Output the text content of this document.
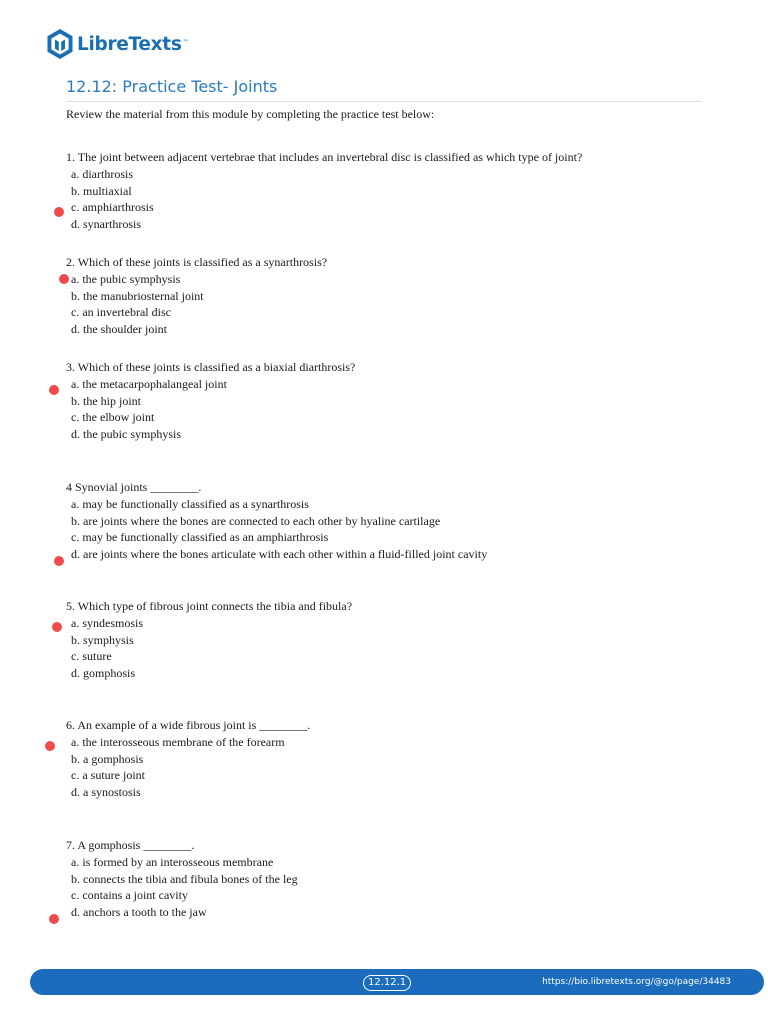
LibreTexts ™
12.12: Practice Test- Joints
Review the material from this module by completing the practice test below:
1. The joint between adjacent vertebrae that includes an invertebral disc is classified as which type of joint?
a. diarthrosis
b. multiaxial
c. amphiarthrosis
d. synarthrosis
2. Which of these joints is classified as a synarthrosis?
a. the pubic symphysis
b. the manubriosternal joint
c. an invertebral disc
d. the shoulder joint
3. Which of these joints is classified as a biaxial diarthrosis?
a. the metacarpophalangeal joint
b. the hip joint
c. the elbow joint
d. the pubic symphysis
4 Synovial joints ________.
a. may be functionally classified as a synarthrosis
b. are joints where the bones are connected to each other by hyaline cartilage
c. may be functionally classified as an amphiarthrosis
d. are joints where the bones articulate with each other within a fluid-filled joint cavity
5. Which type of fibrous joint connects the tibia and fibula?
a. syndesmosis
b. symphysis
c. suture
d. gomphosis
6. An example of a wide fibrous joint is ________.
a. the interosseous membrane of the forearm
b. a gomphosis
c. a suture joint
d. a synostosis
7. A gomphosis ________.
a. is formed by an interosseous membrane
b. connects the tibia and fibula bones of the leg
c. contains a joint cavity
d. anchors a tooth to the jaw
12.12.1	https://bio.libretexts.org/@go/page/34483
